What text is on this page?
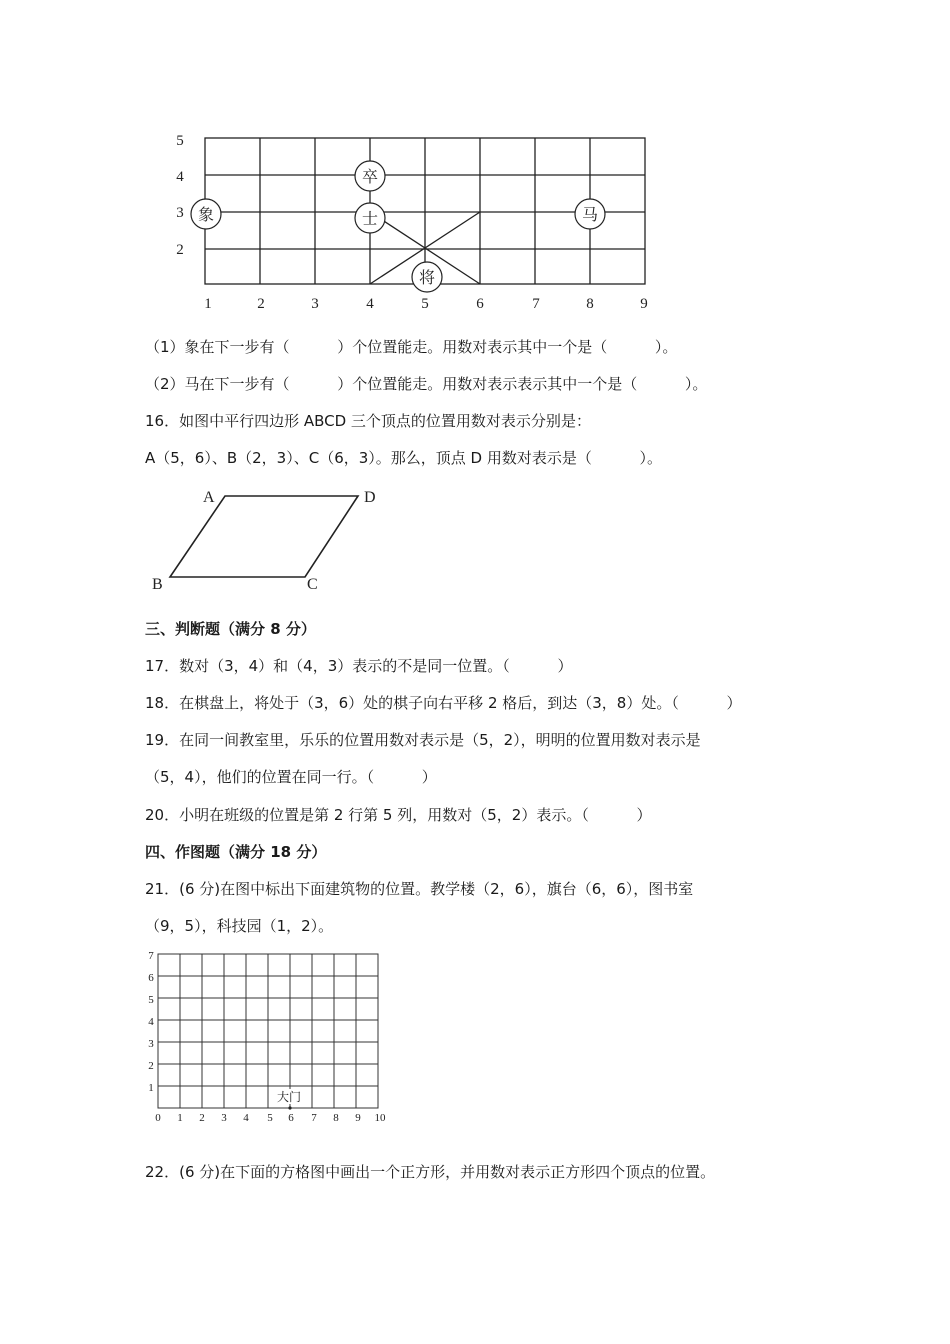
1	2	3	4	5	6	7	8	9
2
3
4
5
象
卒
士	马
将
（1）象在下一步有（          ）个位置能走。用数对表示其中一个是（          ）。
（2）马在下一步有（          ）个位置能走。用数对表示表示其中一个是（          ）。
16．如图中平行四边形 ABCD 三个顶点的位置用数对表示分别是：
A（5，6）、B（2，3）、C（6，3）。那么，顶点 D 用数对表示是（          ）。
A	D
B	C
三、判断题（满分 8 分）
17．数对（3，4）和（4，3）表示的不是同一位置。（          ）
18．在棋盘上，将处于（3，6）处的棋子向右平移 2 格后，到达（3，8）处。（          ）
19．在同一间教室里，乐乐的位置用数对表示是（5，2），明明的位置用数对表示是
（5，4），他们的位置在同一行。（          ）
20．小明在班级的位置是第 2 行第 5 列，用数对（5，2）表示。（          ）
四、作图题（满分 18 分）
21．(6 分)在图中标出下面建筑物的位置。教学楼（2，6），旗台（6，6），图书室
（9，5），科技园（1，2）。
0 1 2 3 4 5 6 7 8 9 10
1
2
3
4
5
6
7
大门
22．(6 分)在下面的方格图中画出一个正方形，并用数对表示正方形四个顶点的位置。
